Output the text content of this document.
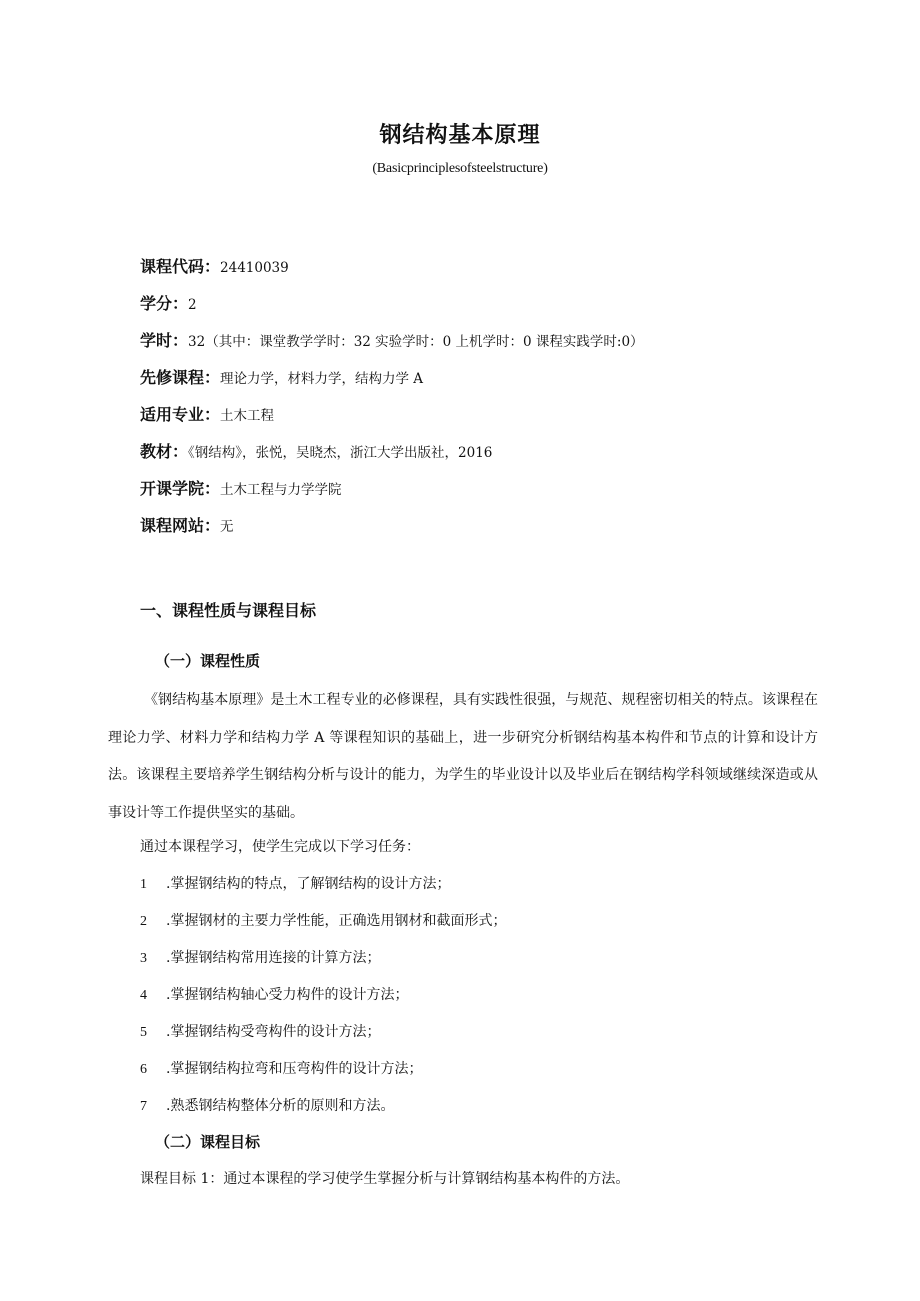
钢结构基本原理
(Basicprinciplesofsteelstructure)
课程代码：24410039
学分：2
学时：32（其中：课堂教学学时：32 实验学时：0 上机学时：0 课程实践学时:0）
先修课程：理论力学，材料力学，结构力学 A
适用专业：土木工程
教材：《钢结构》，张悦，吴晓杰，浙江大学出版社，2016
开课学院：土木工程与力学学院
课程网站：无
一、课程性质与课程目标
（一）课程性质
《钢结构基本原理》是土木工程专业的必修课程，具有实践性很强，与规范、规程密切相关的特点。该课程在理论力学、材料力学和结构力学 A 等课程知识的基础上，进一步研究分析钢结构基本构件和节点的计算和设计方法。该课程主要培养学生钢结构分析与设计的能力，为学生的毕业设计以及毕业后在钢结构学科领域继续深造或从事设计等工作提供坚实的基础。
通过本课程学习，使学生完成以下学习任务：
1 .掌握钢结构的特点，了解钢结构的设计方法；
2 .掌握钢材的主要力学性能，正确选用钢材和截面形式；
3 .掌握钢结构常用连接的计算方法；
4 .掌握钢结构轴心受力构件的设计方法；
5 .掌握钢结构受弯构件的设计方法；
6 .掌握钢结构拉弯和压弯构件的设计方法；
7 .熟悉钢结构整体分析的原则和方法。
（二）课程目标
课程目标 1：通过本课程的学习使学生掌握分析与计算钢结构基本构件的方法。
